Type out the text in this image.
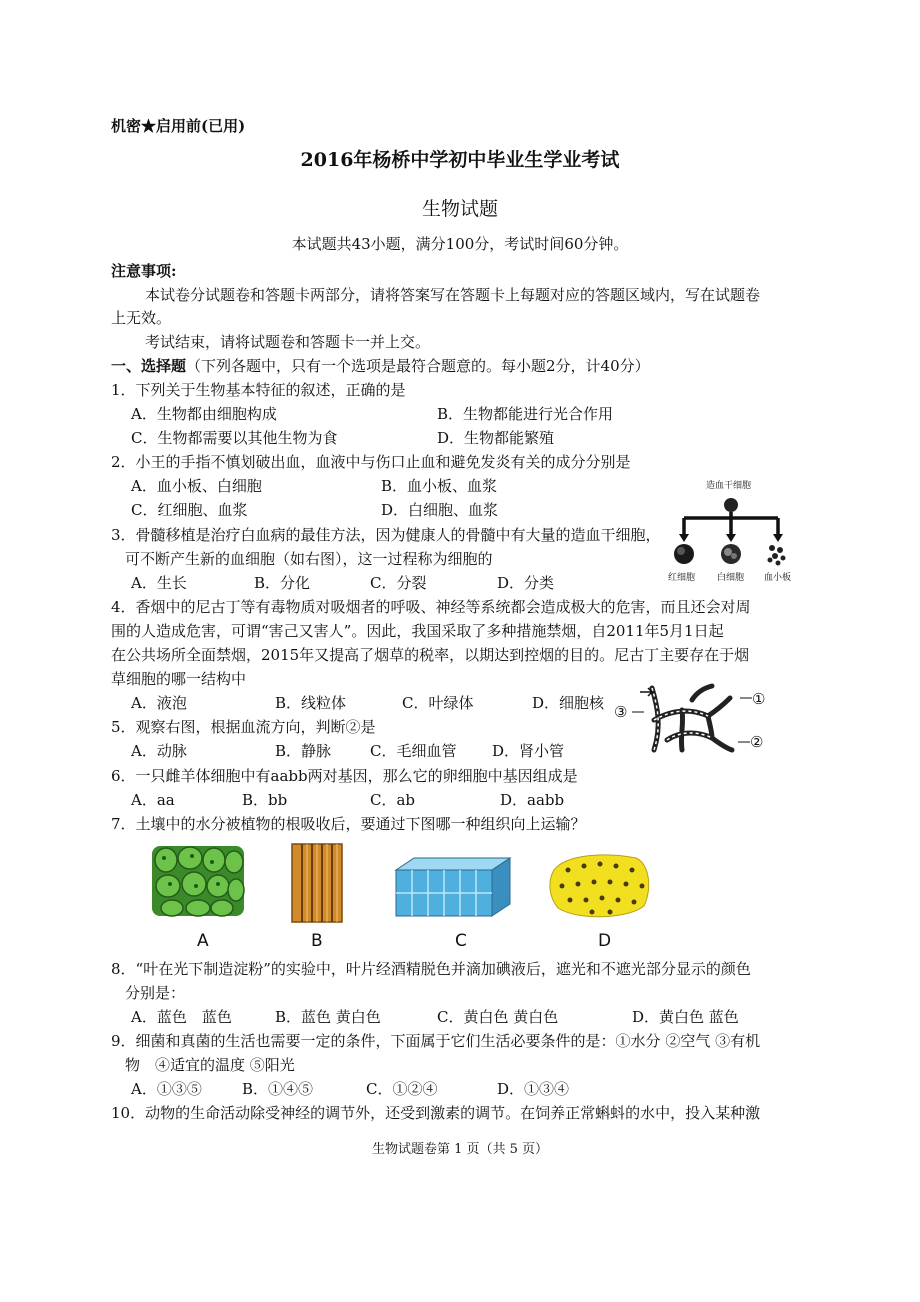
机密★启用前(已用)
2016年杨桥中学初中毕业生学业考试
生物试题
本试题共43小题，满分100分，考试时间60分钟。
注意事项:
本试卷分试题卷和答题卡两部分，请将答案写在答题卡上每题对应的答题区域内，写在试题卷
上无效。
考试结束，请将试题卷和答题卡一并上交。
一、选择题（下列各题中，只有一个选项是最符合题意的。每小题2分，计40分）
1．下列关于生物基本特征的叙述，正确的是
A．生物都由细胞构成	B．生物都能进行光合作用
C．生物都需要以其他生物为食	D．生物都能繁殖
2．小王的手指不慎划破出血，血液中与伤口止血和避免发炎有关的成分分别是
A．血小板、白细胞	B．血小板、血浆
C．红细胞、血浆	D．白细胞、血浆
造血干细胞
红细胞 白细胞 血小板
3．骨髓移植是治疗白血病的最佳方法，因为健康人的骨髓中有大量的造血干细胞，
可不断产生新的血细胞（如右图），这一过程称为细胞的
A．生长	B．分化	C．分裂	D．分类
4．香烟中的尼古丁等有毒物质对吸烟者的呼吸、神经等系统都会造成极大的危害，而且还会对周
围的人造成危害，可谓“害己又害人”。因此，我国采取了多种措施禁烟，自2011年5月1日起
在公共场所全面禁烟，2015年又提高了烟草的税率，以期达到控烟的目的。尼古丁主要存在于烟
草细胞的哪一结构中
A．液泡	B．线粒体	C．叶绿体	D．细胞核	①
②
③
5．观察右图，根据血流方向，判断②是
A．动脉	B．静脉	C．毛细血管 D．肾小管
6．一只雌羊体细胞中有aabb两对基因，那么它的卵细胞中基因组成是
A．aa	B．bb	C．ab	D．aabb
7．土壤中的水分被植物的根吸收后，要通过下图哪一种组织向上运输？
A	B	C	D
8．“叶在光下制造淀粉”的实验中，叶片经酒精脱色并滴加碘液后，遮光和不遮光部分显示的颜色
分别是：
A．蓝色　蓝色	B．蓝色 黄白色	C．黄白色 黄白色	D．黄白色 蓝色
9．细菌和真菌的生活也需要一定的条件，下面属于它们生活必要条件的是：①水分 ②空气 ③有机
物　④适宜的温度 ⑤阳光
A．①③⑤	B．①④⑤	C．①②④	D．①③④
10．动物的生命活动除受神经的调节外，还受到激素的调节。在饲养正常蝌蚪的水中，投入某种激
生物试题卷第 1 页（共 5 页）
